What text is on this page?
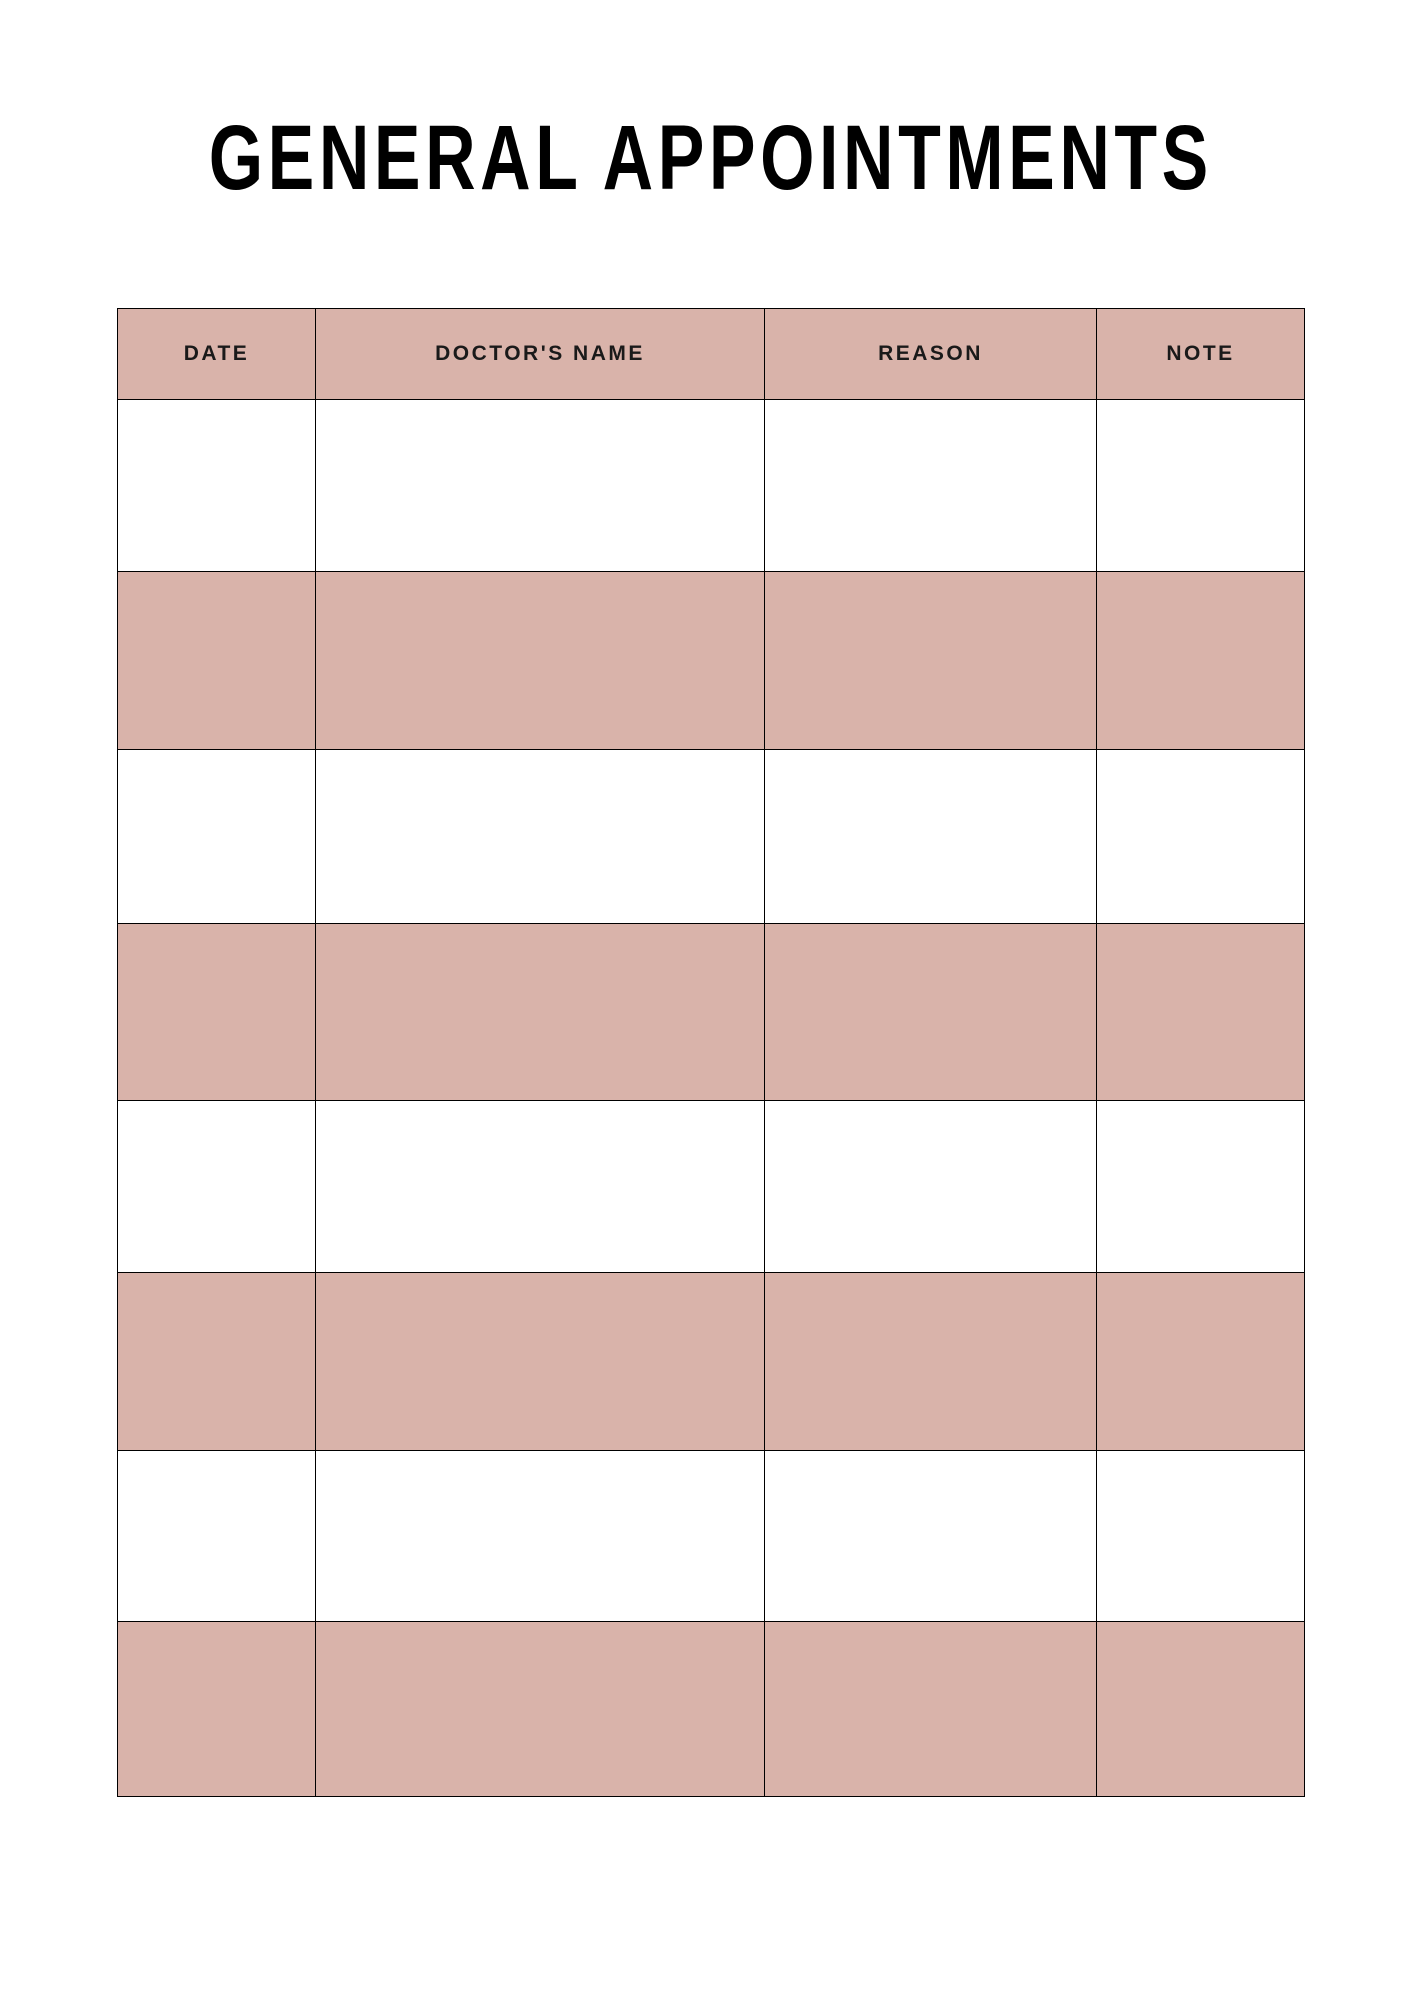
GENERAL APPOINTMENTS
DATE	DOCTOR'S NAME	REASON	NOTE
